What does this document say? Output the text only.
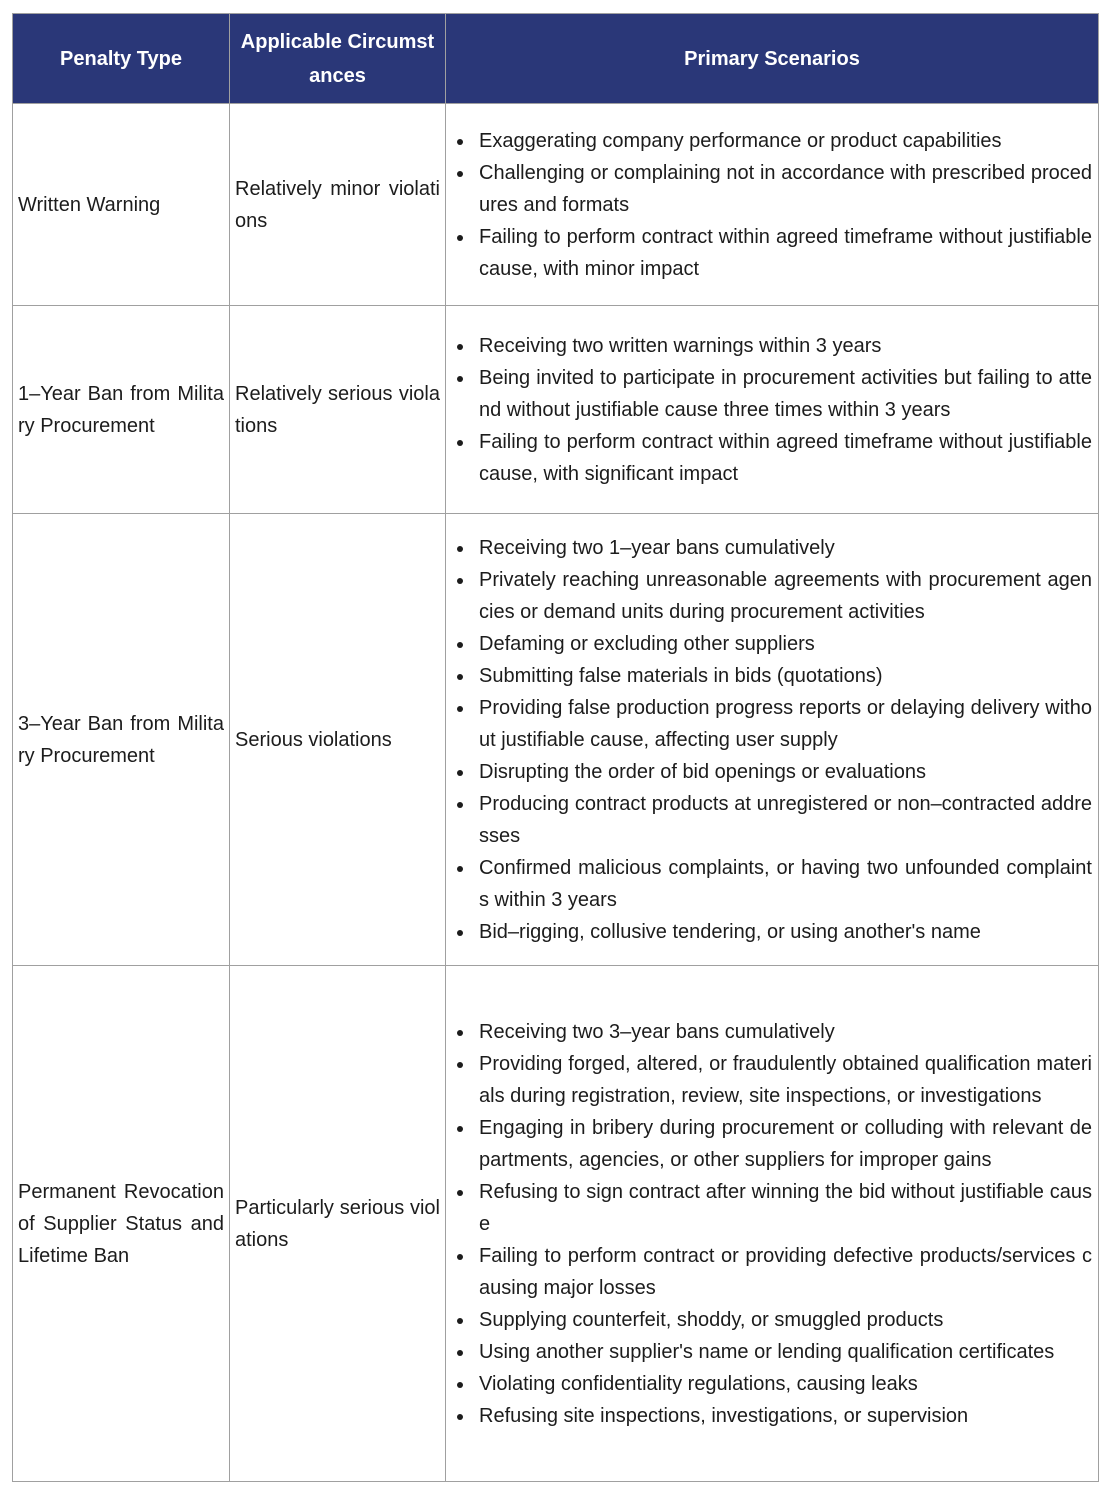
Penalty Type	Applicable Circumstances	Primary Scenarios
Written Warning	Relatively minor violations	
• Exaggerating company performance or product capabilities
• Challenging or complaining not in accordance with prescribed procedures and formats
• Failing to perform contract within agreed timeframe without justifiable cause, with minor impact

1–Year Ban from Military Procurement	Relatively serious violations	
• Receiving two written warnings within 3 years
• Being invited to participate in procurement activities but failing to attend without justifiable cause three times within 3 years
• Failing to perform contract within agreed timeframe without justifiable cause, with significant impact

3–Year Ban from Military Procurement	Serious violations	
• Receiving two 1–year bans cumulatively
• Privately reaching unreasonable agreements with procurement agencies or demand units during procurement activities
• Defaming or excluding other suppliers
• Submitting false materials in bids (quotations)
• Providing false production progress reports or delaying delivery without justifiable cause, affecting user supply
• Disrupting the order of bid openings or evaluations
• Producing contract products at unregistered or non–contracted addresses
• Confirmed malicious complaints, or having two unfounded complaints within 3 years
• Bid–rigging, collusive tendering, or using another's name

Permanent Revocation of Supplier Status and Lifetime Ban	Particularly serious violations	
• Receiving two 3–year bans cumulatively
• Providing forged, altered, or fraudulently obtained qualification materials during registration, review, site inspections, or investigations
• Engaging in bribery during procurement or colluding with relevant departments, agencies, or other suppliers for improper gains
• Refusing to sign contract after winning the bid without justifiable cause
• Failing to perform contract or providing defective products/services causing major losses
• Supplying counterfeit, shoddy, or smuggled products
• Using another supplier's name or lending qualification certificates
• Violating confidentiality regulations, causing leaks
• Refusing site inspections, investigations, or supervision
